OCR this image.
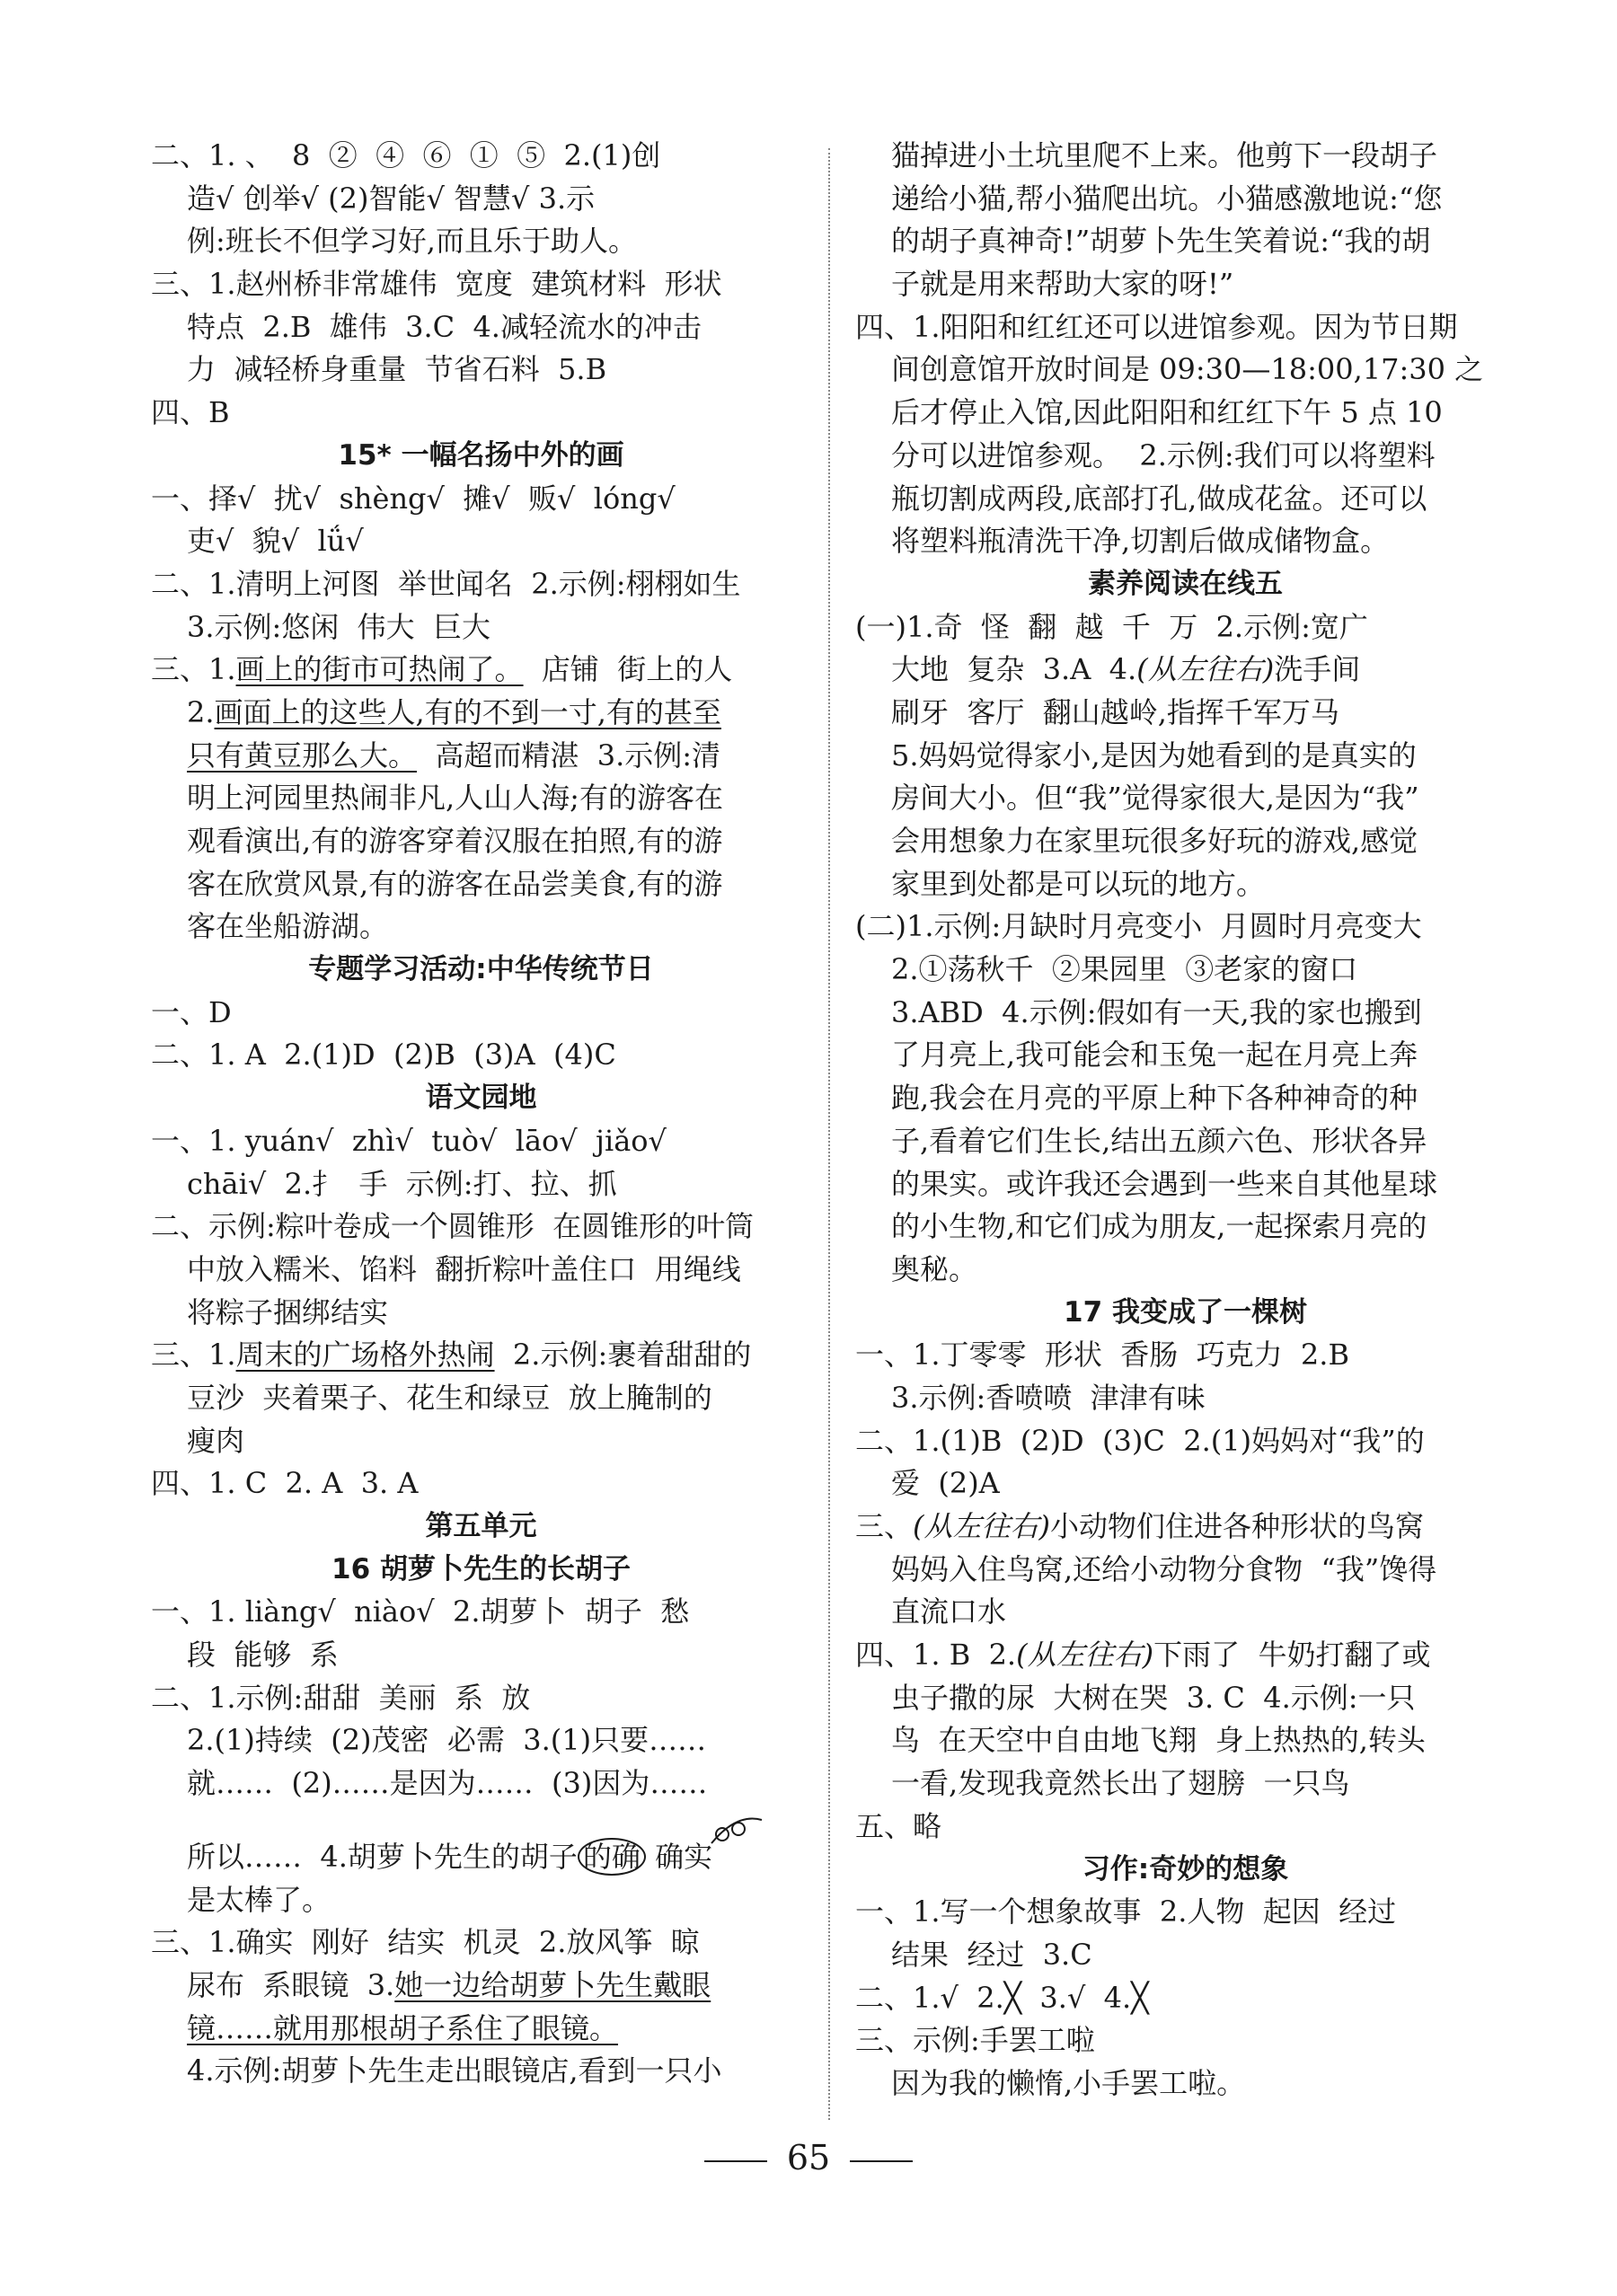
二、1. 、  8  ②  ④  ⑥  ①  ⑤  2.(1)创
造√ 创举√ (2)智能√ 智慧√ 3.示
例:班长不但学习好,而且乐于助人。
三、1.赵州桥非常雄伟  宽度  建筑材料  形状
特点  2.B  雄伟  3.C  4.减轻流水的冲击
力  减轻桥身重量  节省石料  5.B
四、B
15* 一幅名扬中外的画
一、择√  扰√  shèng√  摊√  贩√  lóng√
吏√  貌√  lǘ√
二、1.清明上河图  举世闻名  2.示例:栩栩如生
3.示例:悠闲  伟大  巨大
三、1.画上的街市可热闹了。  店铺  街上的人
2.画面上的这些人,有的不到一寸,有的甚至
只有黄豆那么大。  高超而精湛  3.示例:清
明上河园里热闹非凡,人山人海;有的游客在
观看演出,有的游客穿着汉服在拍照,有的游
客在欣赏风景,有的游客在品尝美食,有的游
客在坐船游湖。
专题学习活动:中华传统节日
一、D
二、1. A  2.(1)D  (2)B  (3)A  (4)C
语文园地
一、1. yuán√  zhì√  tuò√  lāo√  jiǎo√
chāi√  2.扌  手  示例:打、拉、抓
二、示例:粽叶卷成一个圆锥形  在圆锥形的叶筒
中放入糯米、馅料  翻折粽叶盖住口  用绳线
将粽子捆绑结实
三、1.周末的广场格外热闹  2.示例:裹着甜甜的
豆沙  夹着栗子、花生和绿豆  放上腌制的
瘦肉
四、1. C  2. A  3. A
第五单元
16 胡萝卜先生的长胡子
一、1. liàng√  niào√  2.胡萝卜  胡子  愁
段  能够  系
二、1.示例:甜甜  美丽  系  放
2.(1)持续  (2)茂密  必需  3.(1)只要……
就……  (2)……是因为……  (3)因为……
所以……  4.胡萝卜先生的胡子 的确 确实
是太棒了。
三、1.确实  刚好  结实  机灵  2.放风筝  晾
尿布  系眼镜  3.她一边给胡萝卜先生戴眼
镜……就用那根胡子系住了眼镜。
4.示例:胡萝卜先生走出眼镜店,看到一只小
猫掉进小土坑里爬不上来。他剪下一段胡子
递给小猫,帮小猫爬出坑。小猫感激地说:“您
的胡子真神奇!”胡萝卜先生笑着说:“我的胡
子就是用来帮助大家的呀!”
四、1.阳阳和红红还可以进馆参观。因为节日期
间创意馆开放时间是 09:30—18:00,17:30 之
后才停止入馆,因此阳阳和红红下午 5 点 10
分可以进馆参观。  2.示例:我们可以将塑料
瓶切割成两段,底部打孔,做成花盆。还可以
将塑料瓶清洗干净,切割后做成储物盒。
素养阅读在线五
(一)1.奇  怪  翻  越  千  万  2.示例:宽广
大地  复杂  3.A  4.(从左往右)洗手间
刷牙  客厅  翻山越岭,指挥千军万马
5.妈妈觉得家小,是因为她看到的是真实的
房间大小。但“我”觉得家很大,是因为“我”
会用想象力在家里玩很多好玩的游戏,感觉
家里到处都是可以玩的地方。
(二)1.示例:月缺时月亮变小  月圆时月亮变大
2.①荡秋千  ②果园里  ③老家的窗口
3.ABD  4.示例:假如有一天,我的家也搬到
了月亮上,我可能会和玉兔一起在月亮上奔
跑,我会在月亮的平原上种下各种神奇的种
子,看着它们生长,结出五颜六色、形状各异
的果实。或许我还会遇到一些来自其他星球
的小生物,和它们成为朋友,一起探索月亮的
奥秘。
17 我变成了一棵树
一、1.丁零零  形状  香肠  巧克力  2.B
3.示例:香喷喷  津津有味
二、1.(1)B  (2)D  (3)C  2.(1)妈妈对“我”的
爱  (2)A
三、(从左往右)小动物们住进各种形状的鸟窝
妈妈入住鸟窝,还给小动物分食物  “我”馋得
直流口水
四、1. B  2.(从左往右)下雨了  牛奶打翻了或
虫子撒的尿  大树在哭  3. C  4.示例:一只
鸟  在天空中自由地飞翔  身上热热的,转头
一看,发现我竟然长出了翅膀  一只鸟
五、略
习作:奇妙的想象
一、1.写一个想象故事  2.人物  起因  经过
结果  经过  3.C
二、1.√  2.╳  3.√  4.╳
三、示例:手罢工啦
因为我的懒惰,小手罢工啦。
65
